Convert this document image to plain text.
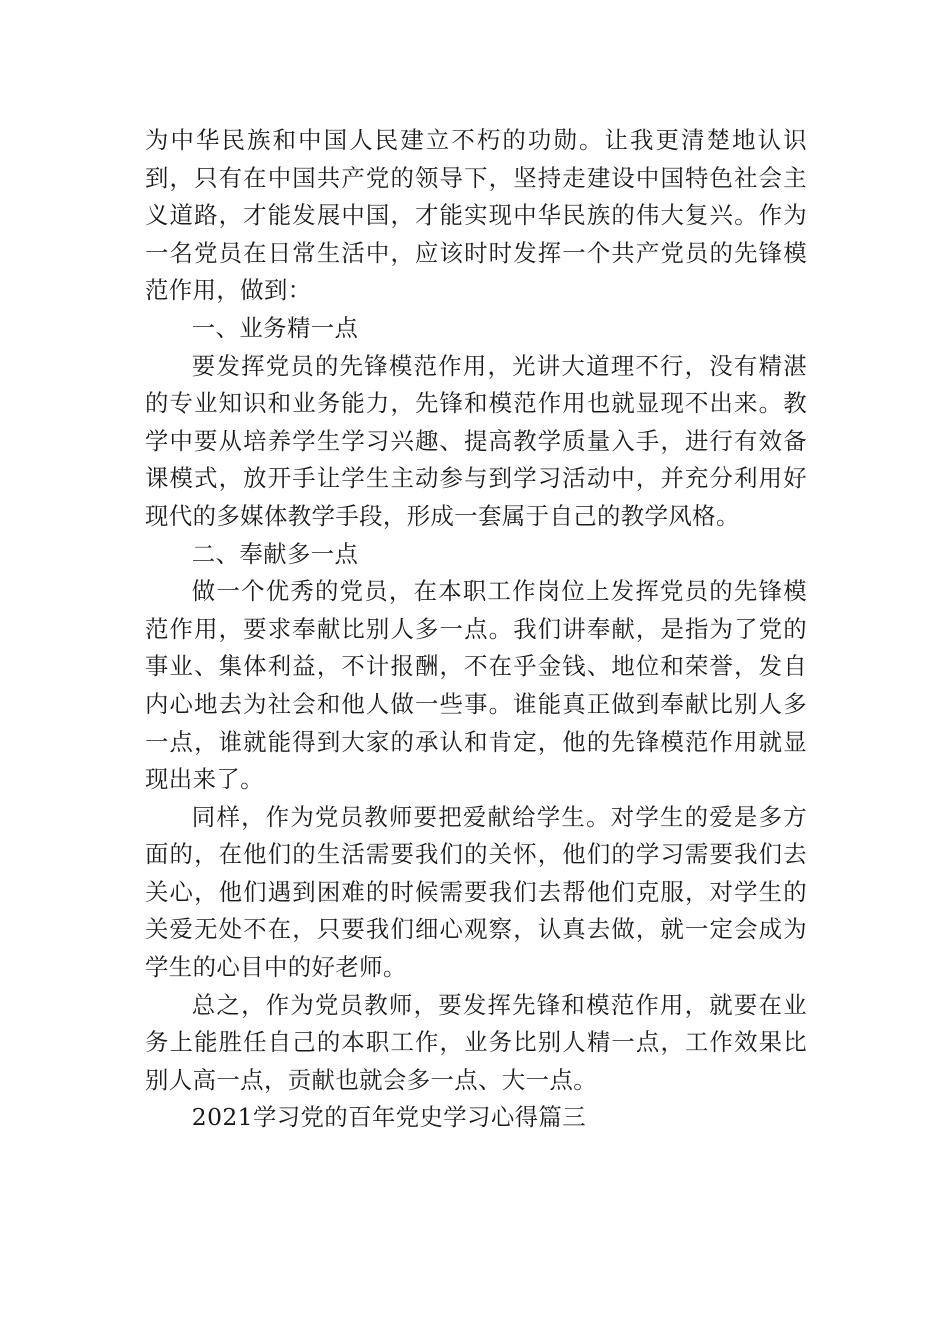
为中华民族和中国人民建立不朽的功勋。让我更清楚地认识到，只有在中国共产党的领导下，坚持走建设中国特色社会主义道路，才能发展中国，才能实现中华民族的伟大复兴。作为一名党员在日常生活中，应该时时发挥一个共产党员的先锋模范作用，做到：

一、业务精一点

要发挥党员的先锋模范作用，光讲大道理不行，没有精湛的专业知识和业务能力，先锋和模范作用也就显现不出来。教学中要从培养学生学习兴趣、提高教学质量入手，进行有效备课模式，放开手让学生主动参与到学习活动中，并充分利用好现代的多媒体教学手段，形成一套属于自己的教学风格。

二、奉献多一点

做一个优秀的党员，在本职工作岗位上发挥党员的先锋模范作用，要求奉献比别人多一点。我们讲奉献，是指为了党的事业、集体利益，不计报酬，不在乎金钱、地位和荣誉，发自内心地去为社会和他人做一些事。谁能真正做到奉献比别人多一点，谁就能得到大家的承认和肯定，他的先锋模范作用就显现出来了。

同样，作为党员教师要把爱献给学生。对学生的爱是多方面的，在他们的生活需要我们的关怀，他们的学习需要我们去关心，他们遇到困难的时候需要我们去帮他们克服，对学生的关爱无处不在，只要我们细心观察，认真去做，就一定会成为学生的心目中的好老师。

总之，作为党员教师，要发挥先锋和模范作用，就要在业务上能胜任自己的本职工作，业务比别人精一点，工作效果比别人高一点，贡献也就会多一点、大一点。

2021学习党的百年党史学习心得篇三
